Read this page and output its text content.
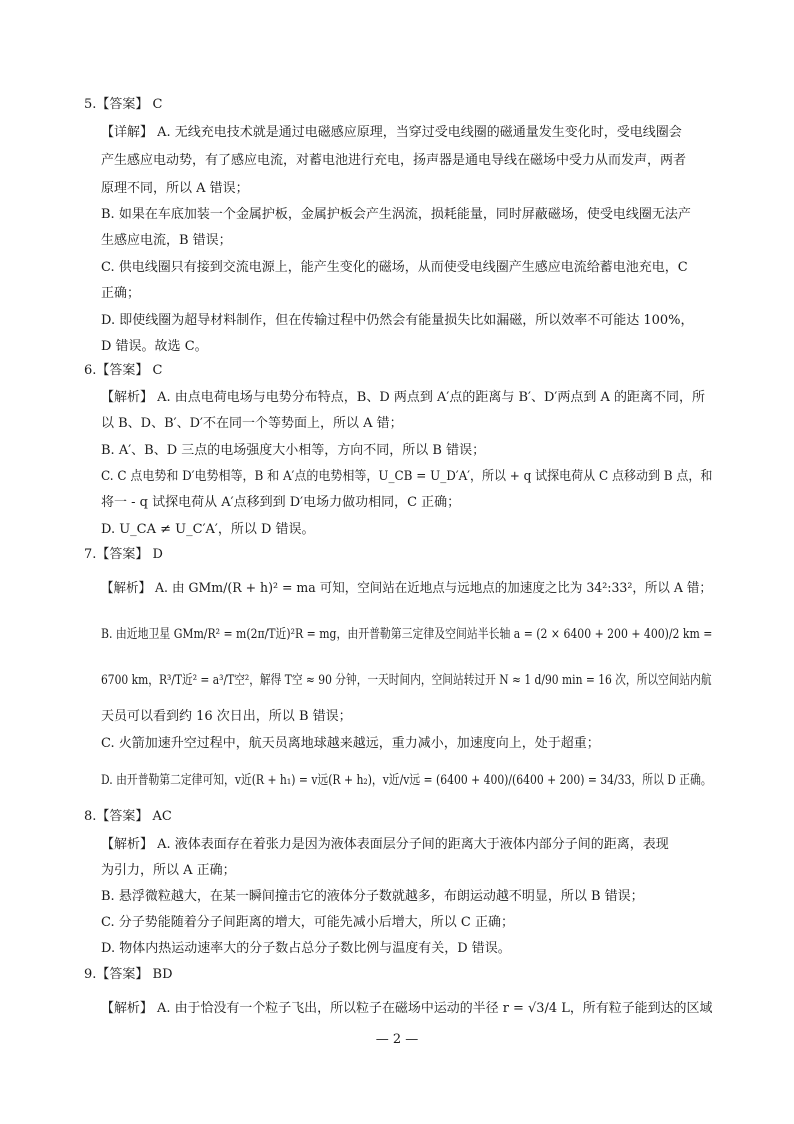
5.【答案】 C
【详解】 A. 无线充电技术就是通过电磁感应原理，当穿过受电线圈的磁通量发生变化时，受电线圈会
产生感应电动势，有了感应电流，对蓄电池进行充电，扬声器是通电导线在磁场中受力从而发声，两者
原理不同，所以 A 错误；
B. 如果在车底加装一个金属护板，金属护板会产生涡流，损耗能量，同时屏蔽磁场，使受电线圈无法产
生感应电流，B 错误；
C. 供电线圈只有接到交流电源上，能产生变化的磁场，从而使受电线圈产生感应电流给蓄电池充电，C
正确；
D. 即使线圈为超导材料制作，但在传输过程中仍然会有能量损失比如漏磁，所以效率不可能达 100%，
D 错误。故选 C。
6.【答案】 C
【解析】 A. 由点电荷电场与电势分布特点，B、D 两点到 A′点的距离与 B′、D′两点到 A 的距离不同，所
以 B、D、B′、D′不在同一个等势面上，所以 A 错；
B. A′、B、D 三点的电场强度大小相等，方向不同，所以 B 错误；
C. C 点电势和 D′电势相等，B 和 A′点的电势相等，U_CB = U_D′A′，所以 + q 试探电荷从 C 点移动到 B 点，和
将一 - q 试探电荷从 A′点移到到 D′电场力做功相同，C 正确；
D. U_CA ≠ U_C′A′，所以 D 错误。
7.【答案】 D
【解析】 A. 由 GMm/(R + h)² = ma 可知，空间站在近地点与远地点的加速度之比为 34²:33²，所以 A 错；
B. 由近地卫星 GMm/R² = m(2π/T近)²R = mg，由开普勒第三定律及空间站半长轴 a = (2 × 6400 + 200 + 400)/2 km =
6700 km，R³/T近² = a³/T空²，解得 T空 ≈ 90 分钟，一天时间内，空间站转过开 N ≈ 1 d/90 min = 16 次，所以空间站内航
天员可以看到约 16 次日出，所以 B 错误；
C. 火箭加速升空过程中，航天员离地球越来越远，重力减小，加速度向上，处于超重；
D. 由开普勒第二定律可知，v近(R + h₁) = v远(R + h₂)，v近/v远 = (6400 + 400)/(6400 + 200) = 34/33，所以 D 正确。
8.【答案】 AC
【解析】 A. 液体表面存在着张力是因为液体表面层分子间的距离大于液体内部分子间的距离，表现
为引力，所以 A 正确；
B. 悬浮微粒越大，在某一瞬间撞击它的液体分子数就越多，布朗运动越不明显，所以 B 错误；
C. 分子势能随着分子间距离的增大，可能先减小后增大，所以 C 正确；
D. 物体内热运动速率大的分子数占总分子数比例与温度有关，D 错误。
9.【答案】 BD
【解析】 A. 由于恰没有一个粒子飞出，所以粒子在磁场中运动的半径 r = √3/4 L，所有粒子能到达的区域
— 2 —
